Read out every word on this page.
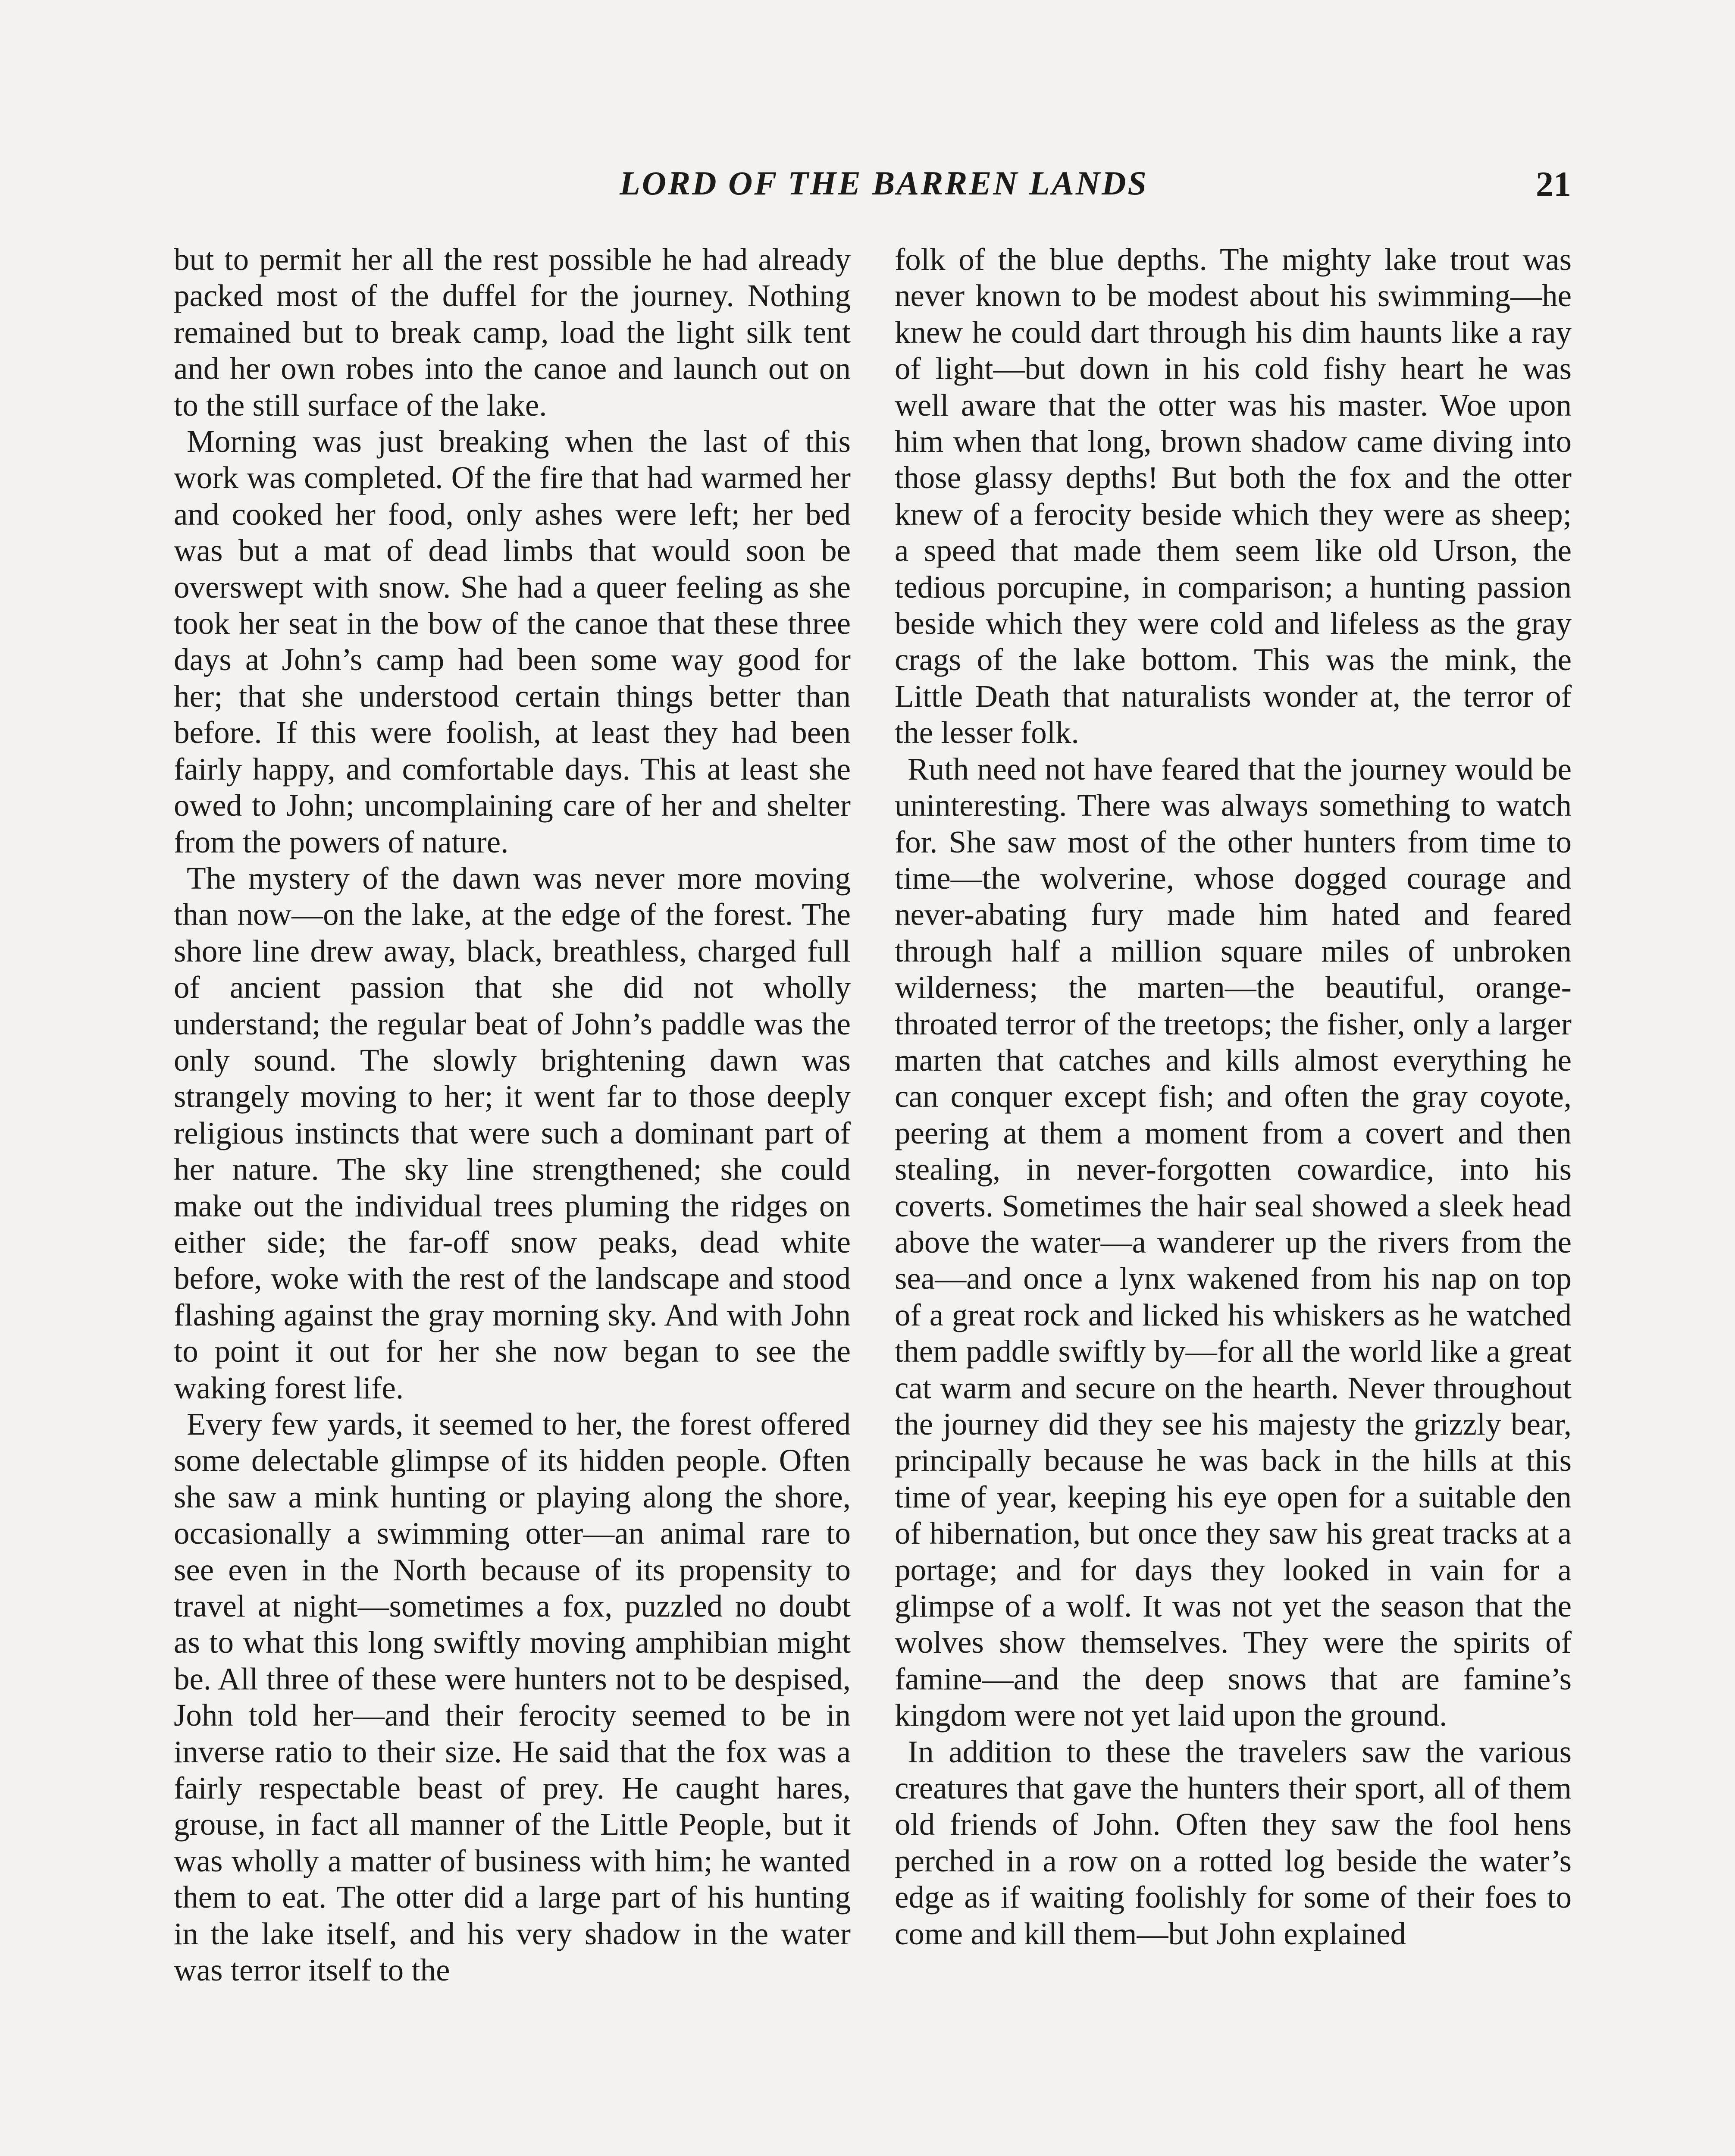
LORD OF THE BARREN LANDS	21

but to permit her all the rest possible he had already packed most of the duffel for the journey. Nothing remained but to break camp, load the light silk tent and her own robes into the canoe and launch out on to the still surface of the lake.

Morning was just breaking when the last of this work was completed. Of the fire that had warmed her and cooked her food, only ashes were left; her bed was but a mat of dead limbs that would soon be overswept with snow. She had a queer feeling as she took her seat in the bow of the canoe that these three days at John’s camp had been some way good for her; that she understood certain things better than before. If this were foolish, at least they had been fairly happy, and comfortable days. This at least she owed to John; uncomplaining care of her and shelter from the powers of nature.

The mystery of the dawn was never more moving than now—on the lake, at the edge of the forest. The shore line drew away, black, breathless, charged full of ancient passion that she did not wholly understand; the regular beat of John’s paddle was the only sound. The slowly brightening dawn was strangely moving to her; it went far to those deeply religious instincts that were such a dominant part of her nature. The sky line strengthened; she could make out the individual trees pluming the ridges on either side; the far-off snow peaks, dead white before, woke with the rest of the landscape and stood flashing against the gray morning sky. And with John to point it out for her she now began to see the waking forest life.

Every few yards, it seemed to her, the forest offered some delectable glimpse of its hidden people. Often she saw a mink hunting or playing along the shore, occasionally a swimming otter—an animal rare to see even in the North because of its propensity to travel at night—sometimes a fox, puzzled no doubt as to what this long swiftly moving amphibian might be. All three of these were hunters not to be despised, John told her—and their ferocity seemed to be in inverse ratio to their size. He said that the fox was a fairly respectable beast of prey. He caught hares, grouse, in fact all manner of the Little People, but it was wholly a matter of business with him; he wanted them to eat. The otter did a large part of his hunting in the lake itself, and his very shadow in the water was terror itself to the

folk of the blue depths. The mighty lake trout was never known to be modest about his swimming—he knew he could dart through his dim haunts like a ray of light—but down in his cold fishy heart he was well aware that the otter was his master. Woe upon him when that long, brown shadow came diving into those glassy depths! But both the fox and the otter knew of a ferocity beside which they were as sheep; a speed that made them seem like old Urson, the tedious porcupine, in comparison; a hunting passion beside which they were cold and lifeless as the gray crags of the lake bottom. This was the mink, the Little Death that naturalists wonder at, the terror of the lesser folk.

Ruth need not have feared that the journey would be uninteresting. There was always something to watch for. She saw most of the other hunters from time to time—the wolverine, whose dogged courage and never-abating fury made him hated and feared through half a million square miles of unbroken wilderness; the marten—the beautiful, orange-throated terror of the treetops; the fisher, only a larger marten that catches and kills almost everything he can conquer except fish; and often the gray coyote, peering at them a moment from a covert and then stealing, in never-forgotten cowardice, into his coverts. Sometimes the hair seal showed a sleek head above the water—a wanderer up the rivers from the sea—and once a lynx wakened from his nap on top of a great rock and licked his whiskers as he watched them paddle swiftly by—for all the world like a great cat warm and secure on the hearth. Never throughout the journey did they see his majesty the grizzly bear, principally because he was back in the hills at this time of year, keeping his eye open for a suitable den of hibernation, but once they saw his great tracks at a portage; and for days they looked in vain for a glimpse of a wolf. It was not yet the season that the wolves show themselves. They were the spirits of famine—and the deep snows that are famine’s kingdom were not yet laid upon the ground.

In addition to these the travelers saw the various creatures that gave the hunters their sport, all of them old friends of John. Often they saw the fool hens perched in a row on a rotted log beside the water’s edge as if waiting foolishly for some of their foes to come and kill them—but John explained
